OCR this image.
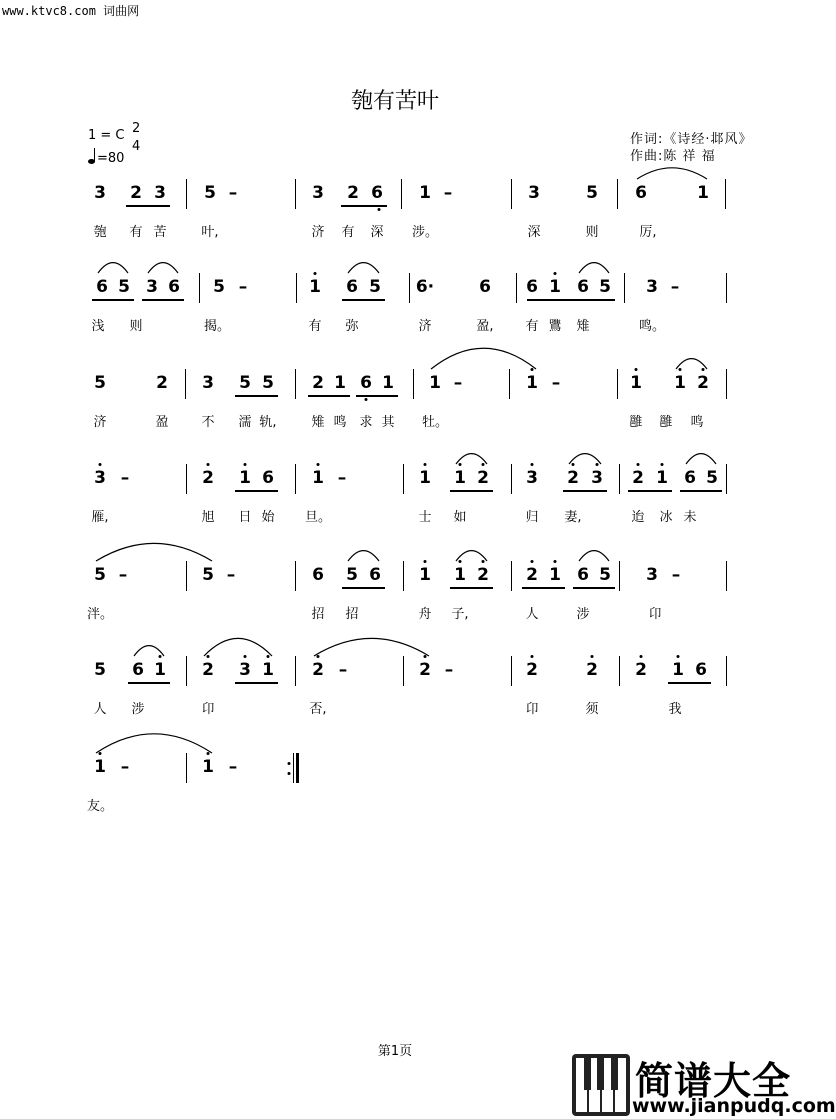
www.ktvc8.com 词曲网
匏有苦叶
1 = C 2
4
=80
作词:《诗经·邶风》
作曲:陈 祥 福
3 2 3 5 –	3 2 6 1 –	3	5 6	1
匏 有 苦	叶,	济 有 深 涉。	深	则	厉,
6 5 3 6 5 –	1 6 5 6·	6 6 1 6 5 3 –
浅 则	揭。	有 弥	济	盈, 有 鷕 雉	鸣。
5	2 3 5 5 2 1 6 1 1 –	1 –	1 1 2
济	盈	不 濡 轨,	雉 鸣 求 其 牡。	雝 雝 鸣
3 –	2 1 6 1 –	1 1 2 3 2 3 2 1 6 5
雁,	旭 日 始 旦。	士 如	归 妻,	迨 冰 未
5 –	5 –	6 5 6 1 1 2 2 1 6 5 3 –
泮。	招 招	舟 子,	人	涉	卬
5 6 1 2 3 1 2 –	2 –	2	2 2 1 6
人 涉	卬	否,	卬	须	我
1 –	1 –
友。
第1页
简谱大全
www.jianpudq.com
